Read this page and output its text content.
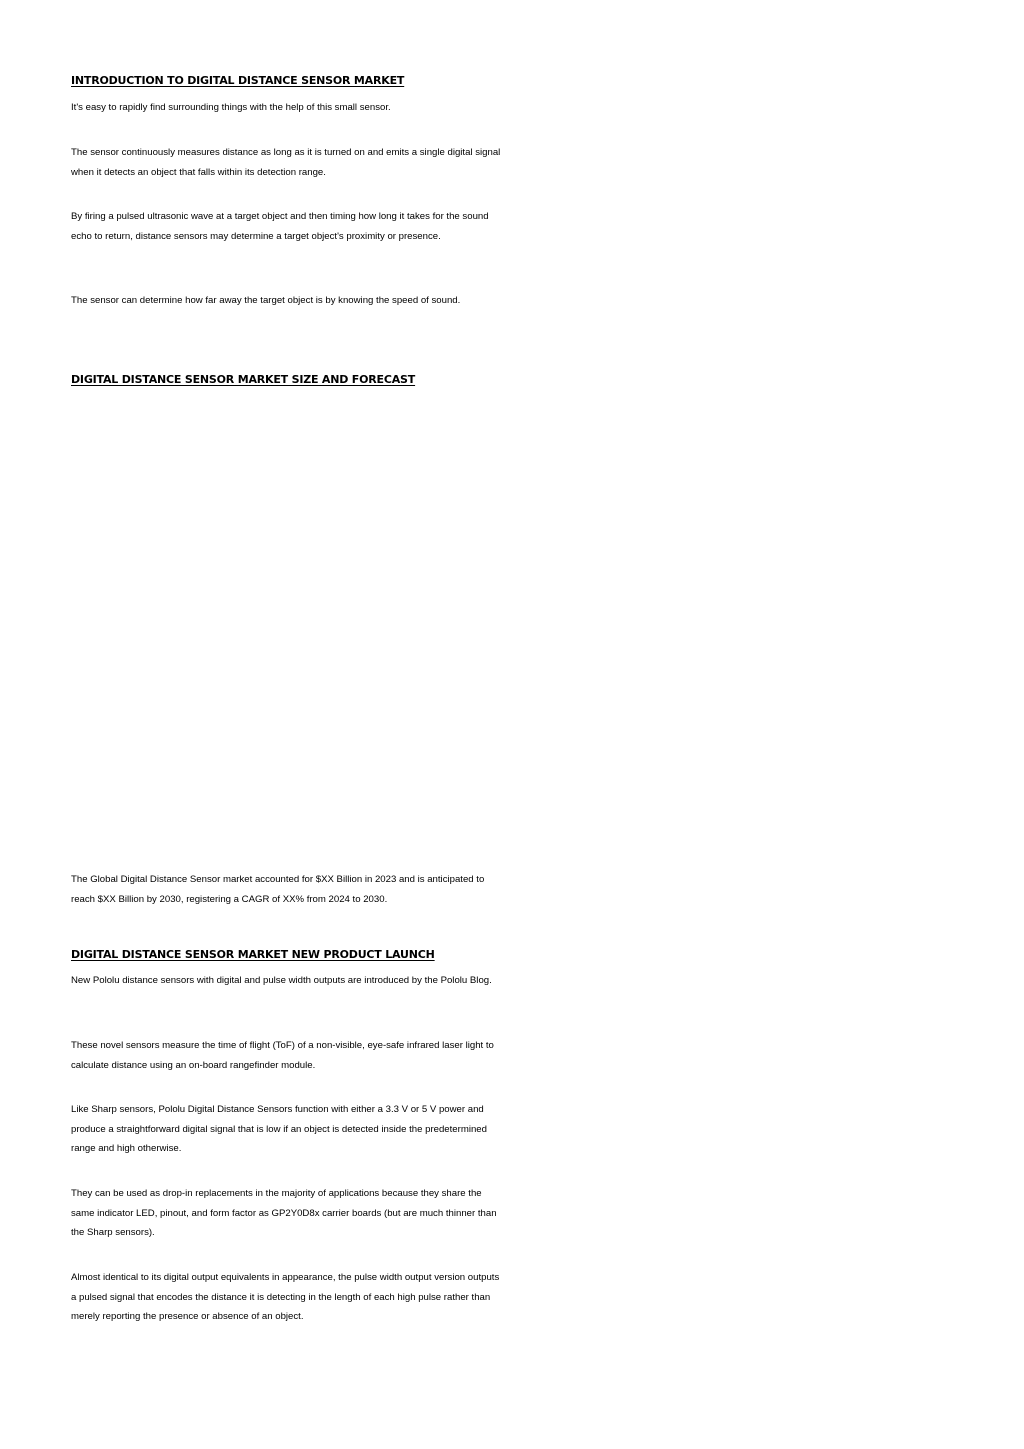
INTRODUCTION TO DIGITAL DISTANCE SENSOR MARKET

It's easy to rapidly find surrounding things with the help of this small sensor.

The sensor continuously measures distance as long as it is turned on and emits a single digital signal when it detects an object that falls within its detection range.

By firing a pulsed ultrasonic wave at a target object and then timing how long it takes for the sound echo to return, distance sensors may determine a target object's proximity or presence.

The sensor can determine how far away the target object is by knowing the speed of sound.

DIGITAL DISTANCE SENSOR MARKET SIZE AND FORECAST

The Global Digital Distance Sensor market accounted for $XX Billion in 2023 and is anticipated to reach $XX Billion by 2030, registering a CAGR of XX% from 2024 to 2030.

DIGITAL DISTANCE SENSOR MARKET NEW PRODUCT LAUNCH

New Pololu distance sensors with digital and pulse width outputs are introduced by the Pololu Blog.

These novel sensors measure the time of flight (ToF) of a non-visible, eye-safe infrared laser light to calculate distance using an on-board rangefinder module.

Like Sharp sensors, Pololu Digital Distance Sensors function with either a 3.3 V or 5 V power and produce a straightforward digital signal that is low if an object is detected inside the predetermined range and high otherwise.

They can be used as drop-in replacements in the majority of applications because they share the same indicator LED, pinout, and form factor as GP2Y0D8x carrier boards (but are much thinner than the Sharp sensors).

Almost identical to its digital output equivalents in appearance, the pulse width output version outputs a pulsed signal that encodes the distance it is detecting in the length of each high pulse rather than merely reporting the presence or absence of an object.
